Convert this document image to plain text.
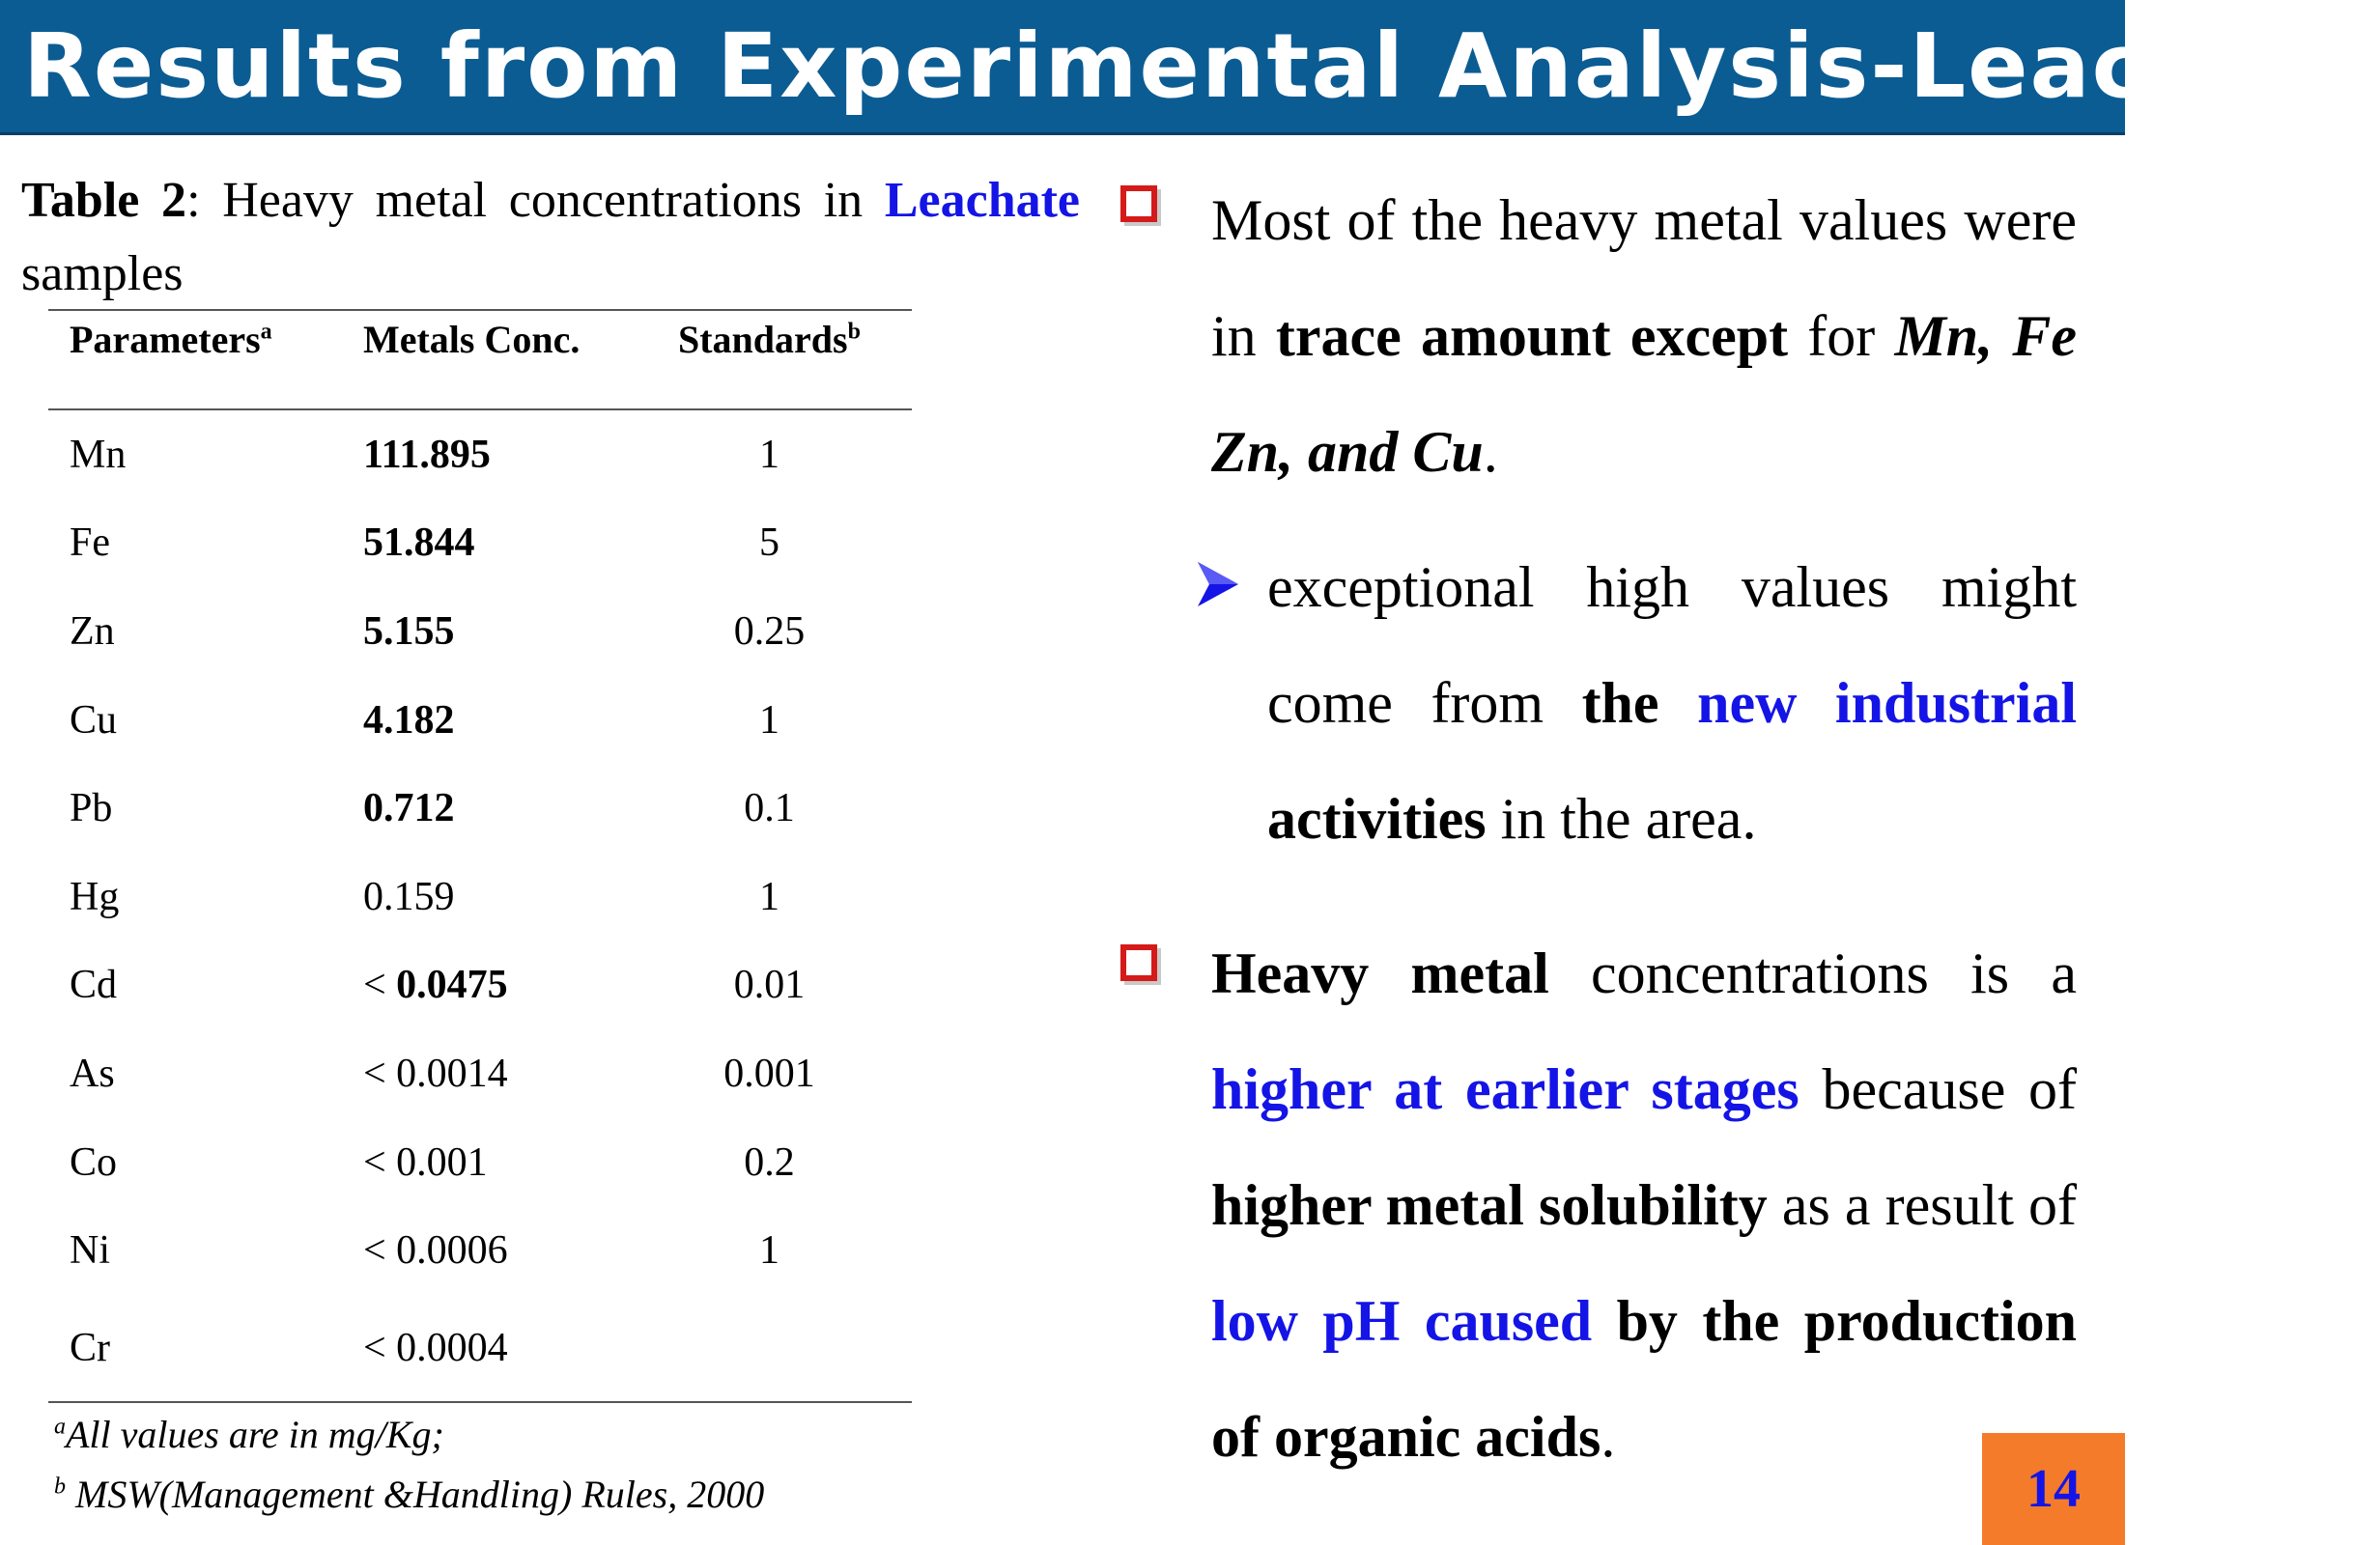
Results from Experimental Analysis-Leachate
Table 2: Heavy metal concentrations in Leachate samples
Parameters$^a$	Metals Conc.	Standards$^b$
Mn	111.895	1
Fe	51.844	5
Zn	5.155	0.25
Cu	4.182	1
Pb	0.712	0.1
Hg	0.159	1
Cd	< 0.0475	0.01
As	< 0.0014	0.001
Co	< 0.001	0.2
Ni	< 0.0006	1
Cr	< 0.0004	
$^a$All values are in mg/Kg;
$^b$ MSW(Management &Handling) Rules, 2000
Most of the heavy metal values were in trace amount except for Mn, Fe Zn, and Cu.
exceptional high values might come from the new industrial activities in the area.
Heavy metal concentrations is a higher at earlier stages because of higher metal solubility as a result of low pH caused by the production of organic acids.
14
